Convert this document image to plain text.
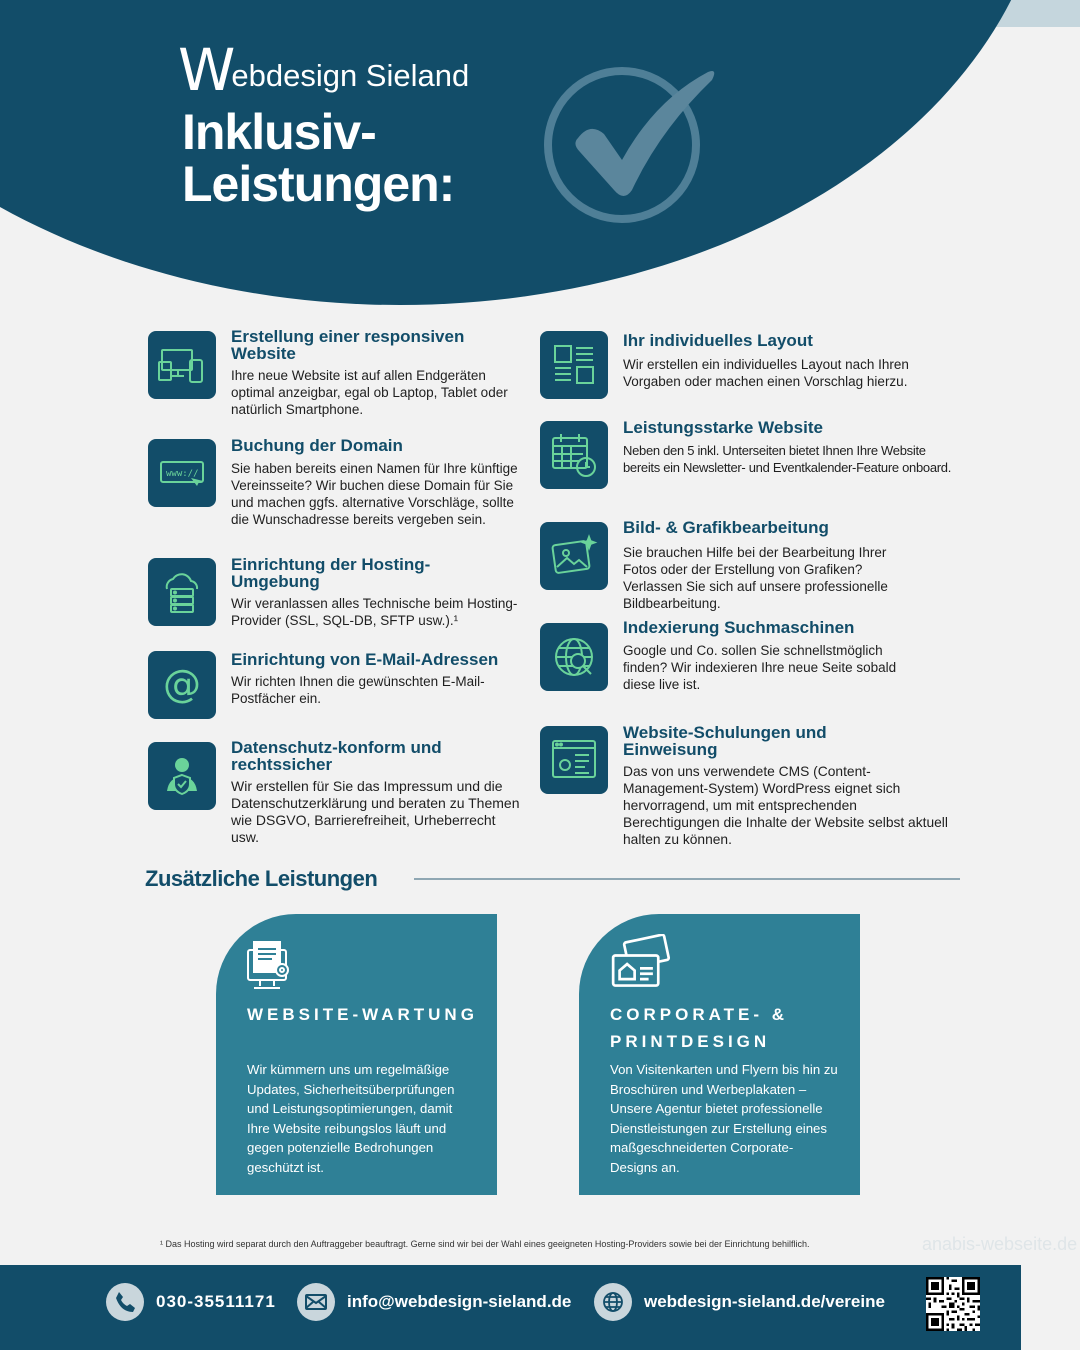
W ebdesign Sieland
Inklusiv-
Leistungen:
Erstellung einer responsiven Website
Ihre neue Website ist auf allen Endgeräten optimal anzeigbar, egal ob Laptop, Tablet oder natürlich Smartphone.
www://
Buchung der Domain
Sie haben bereits einen Namen für Ihre künftige Vereinsseite? Wir buchen diese Domain für Sie und machen ggfs. alternative Vorschläge, sollte die Wunschadresse bereits vergeben sein.
Einrichtung der Hosting-Umgebung
Wir veranlassen alles Technische beim Hosting-Provider (SSL, SQL-DB, SFTP usw.).¹
@
Einrichtung von E-Mail-Adressen
Wir richten Ihnen die gewünschten E-Mail-Postfächer ein.
Datenschutz-konform und rechtssicher
Wir erstellen für Sie das Impressum und die Datenschutzerklärung und beraten zu Themen wie DSGVO, Barrierefreiheit, Urheberrecht usw.
Ihr individuelles Layout
Wir erstellen ein individuelles Layout nach Ihren Vorgaben oder machen einen Vorschlag hierzu.
Leistungsstarke Website
Neben den 5 inkl. Unterseiten bietet Ihnen Ihre Website bereits ein Newsletter- und Eventkalender-Feature onboard.
Bild- & Grafikbearbeitung
Sie brauchen Hilfe bei der Bearbeitung Ihrer Fotos oder der Erstellung von Grafiken? Verlassen Sie sich auf unsere professionelle Bildbearbeitung.
Indexierung Suchmaschinen
Google und Co. sollen Sie schnellstmöglich finden? Wir indexieren Ihre neue Seite sobald diese live ist.
Website-Schulungen und Einweisung
Das von uns verwendete CMS (Content-Management-System) WordPress eignet sich hervorragend, um mit entsprechenden Berechtigungen die Inhalte der Website selbst aktuell halten zu können.
Zusätzliche Leistungen
WEBSITE-WARTUNG
Wir kümmern uns um regelmäßige Updates, Sicherheitsüberprüfungen und Leistungsoptimierungen, damit Ihre Website reibungslos läuft und gegen potenzielle Bedrohungen geschützt ist.
CORPORATE- & PRINTDESIGN
Von Visitenkarten und Flyern bis hin zu Broschüren und Werbeplakaten – Unsere Agentur bietet professionelle Dienstleistungen zur Erstellung eines maßgeschneiderten Corporate-Designs an.
¹ Das Hosting wird separat durch den Auftraggeber beauftragt. Gerne sind wir bei der Wahl eines geeigneten Hosting-Providers sowie bei der Einrichtung behilflich.	anabis-webseite.de
030-35511171	info@webdesign-sieland.de	webdesign-sieland.de/vereine
